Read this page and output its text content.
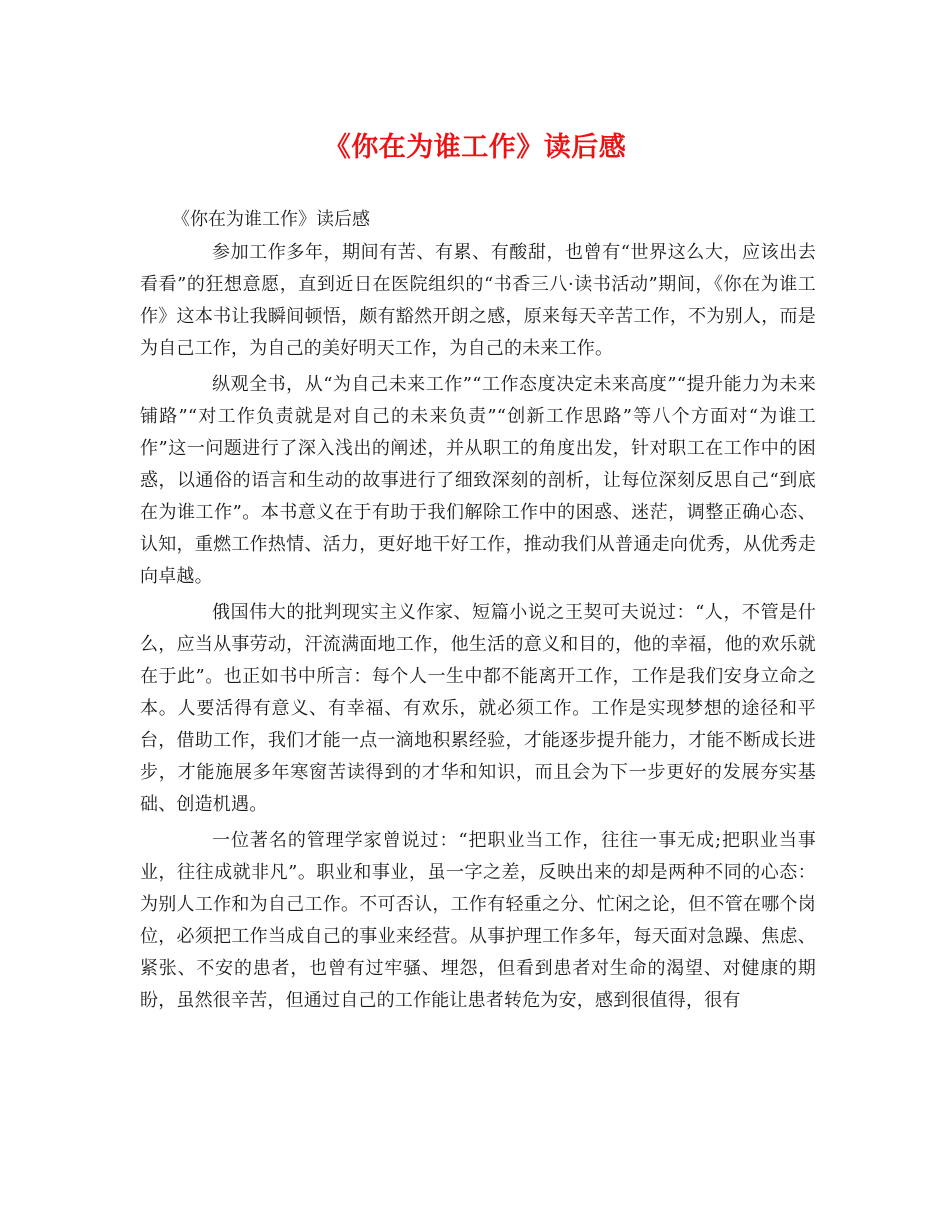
《你在为谁工作》读后感

《你在为谁工作》读后感

参加工作多年，期间有苦、有累、有酸甜，也曾有“世界这么大，应该出去看看”的狂想意愿，直到近日在医院组织的“书香三八·读书活动”期间，《你在为谁工作》这本书让我瞬间顿悟，颇有豁然开朗之感，原来每天辛苦工作，不为别人，而是为自己工作，为自己的美好明天工作，为自己的未来工作。

纵观全书，从“为自己未来工作”“工作态度决定未来高度”“提升能力为未来铺路”“对工作负责就是对自己的未来负责”“创新工作思路”等八个方面对“为谁工作”这一问题进行了深入浅出的阐述，并从职工的角度出发，针对职工在工作中的困惑，以通俗的语言和生动的故事进行了细致深刻的剖析，让每位深刻反思自己“到底在为谁工作”。本书意义在于有助于我们解除工作中的困惑、迷茫，调整正确心态、认知，重燃工作热情、活力，更好地干好工作，推动我们从普通走向优秀，从优秀走向卓越。

俄国伟大的批判现实主义作家、短篇小说之王契可夫说过：“人，不管是什么，应当从事劳动，汗流满面地工作，他生活的意义和目的，他的幸福，他的欢乐就在于此”。也正如书中所言：每个人一生中都不能离开工作，工作是我们安身立命之本。人要活得有意义、有幸福、有欢乐，就必须工作。工作是实现梦想的途径和平台，借助工作，我们才能一点一滴地积累经验，才能逐步提升能力，才能不断成长进步，才能施展多年寒窗苦读得到的才华和知识，而且会为下一步更好的发展夯实基础、创造机遇。

一位著名的管理学家曾说过：“把职业当工作，往往一事无成;把职业当事业，往往成就非凡”。职业和事业，虽一字之差，反映出来的却是两种不同的心态：为别人工作和为自己工作。不可否认，工作有轻重之分、忙闲之论，但不管在哪个岗位，必须把工作当成自己的事业来经营。从事护理工作多年，每天面对急躁、焦虑、紧张、不安的患者，也曾有过牢骚、埋怨，但看到患者对生命的渴望、对健康的期盼，虽然很辛苦，但通过自己的工作能让患者转危为安，感到很值得，很有
